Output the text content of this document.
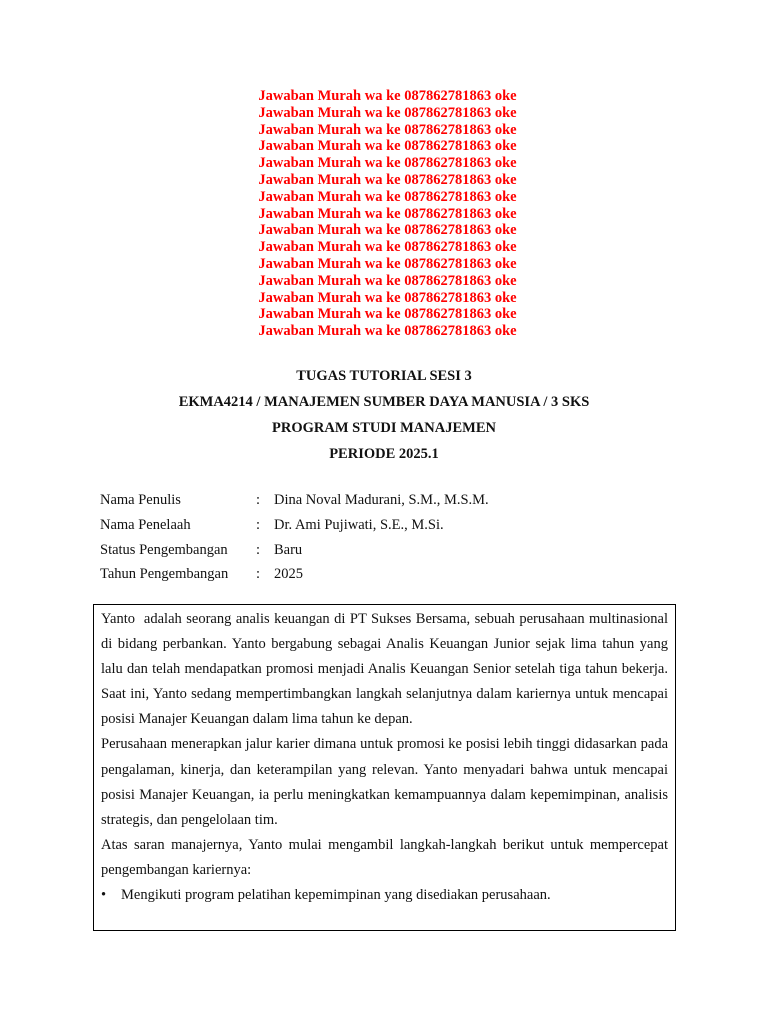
Jawaban Murah wa ke 087862781863 oke
Jawaban Murah wa ke 087862781863 oke
Jawaban Murah wa ke 087862781863 oke
Jawaban Murah wa ke 087862781863 oke
Jawaban Murah wa ke 087862781863 oke
Jawaban Murah wa ke 087862781863 oke
Jawaban Murah wa ke 087862781863 oke
Jawaban Murah wa ke 087862781863 oke
Jawaban Murah wa ke 087862781863 oke
Jawaban Murah wa ke 087862781863 oke
Jawaban Murah wa ke 087862781863 oke
Jawaban Murah wa ke 087862781863 oke
Jawaban Murah wa ke 087862781863 oke
Jawaban Murah wa ke 087862781863 oke
Jawaban Murah wa ke 087862781863 oke
TUGAS TUTORIAL SESI 3
EKMA4214 / MANAJEMEN SUMBER DAYA MANUSIA / 3 SKS
PROGRAM STUDI MANAJEMEN
PERIODE 2025.1
Nama Penulis	: Dina Noval Madurani, S.M., M.S.M.
Nama Penelaah	: Dr. Ami Pujiwati, S.E., M.Si.
Status Pengembangan	: Baru
Tahun Pengembangan	: 2025

Yanto  adalah seorang analis keuangan di PT Sukses Bersama, sebuah perusahaan multinasional di bidang perbankan. Yanto bergabung sebagai Analis Keuangan Junior sejak lima tahun yang lalu dan telah mendapatkan promosi menjadi Analis Keuangan Senior setelah tiga tahun bekerja. Saat ini, Yanto sedang mempertimbangkan langkah selanjutnya dalam kariernya untuk mencapai posisi Manajer Keuangan dalam lima tahun ke depan.

Perusahaan menerapkan jalur karier dimana untuk promosi ke posisi lebih tinggi didasarkan pada pengalaman, kinerja, dan keterampilan yang relevan. Yanto menyadari bahwa untuk mencapai posisi Manajer Keuangan, ia perlu meningkatkan kemampuannya dalam kepemimpinan, analisis strategis, dan pengelolaan tim.

Atas saran manajernya, Yanto mulai mengambil langkah-langkah berikut untuk mempercepat pengembangan kariernya:

•	Mengikuti program pelatihan kepemimpinan yang disediakan perusahaan.
